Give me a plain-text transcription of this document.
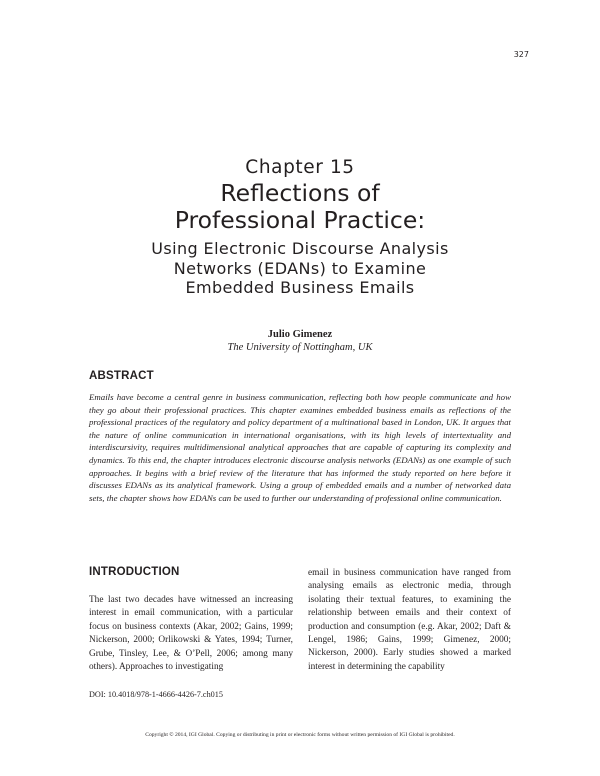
327
Chapter 15
Reflections of
Professional Practice:
Using Electronic Discourse Analysis
Networks (EDANs) to Examine
Embedded Business Emails
Julio Gimenez
The University of Nottingham, UK
ABSTRACT

Emails have become a central genre in business communication, reflecting both how people communicate and how they go about their professional practices. This chapter examines embedded business emails as reflections of the professional practices of the regulatory and policy department of a multinational based in London, UK. It argues that the nature of online communication in international organisations, with its high levels of intertextuality and interdiscursivity, requires multidimensional analytical approaches that are capable of capturing its complexity and dynamics. To this end, the chapter introduces electronic discourse analysis networks (EDANs) as one example of such approaches. It begins with a brief review of the literature that has informed the study reported on here before it discusses EDANs as its analytical framework. Using a group of embedded emails and a number of networked data sets, the chapter shows how EDANs can be used to further our understanding of professional online communication.

INTRODUCTION

The last two decades have witnessed an increasing interest in email communication, with a particular focus on business contexts (Akar, 2002; Gains, 1999; Nickerson, 2000; Orlikowski & Yates, 1994; Turner, Grube, Tinsley, Lee, & O’Pell, 2006; among many others). Approaches to investigating

email in business communication have ranged from analysing emails as electronic media, through isolating their textual features, to examining the relationship between emails and their context of production and consumption (e.g. Akar, 2002; Daft & Lengel, 1986; Gains, 1999; Gimenez, 2000; Nickerson, 2000). Early studies showed a marked interest in determining the capability

DOI: 10.4018/978-1-4666-4426-7.ch015
Copyright © 2014, IGI Global. Copying or distributing in print or electronic forms without written permission of IGI Global is prohibited.
